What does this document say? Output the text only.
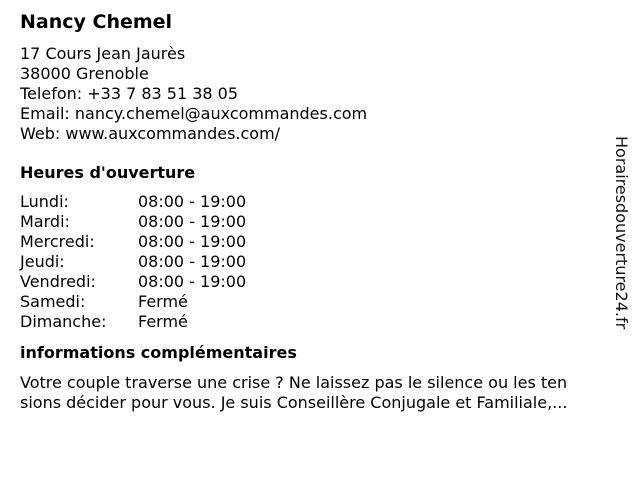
Nancy Chemel
17 Cours Jean Jaurès
38000 Grenoble
Telefon: +33 7 83 51 38 05
Email: nancy.chemel@auxcommandes.com
Web: www.auxcommandes.com/
Heures d'ouverture
Lundi:	08:00 - 19:00
Mardi:	08:00 - 19:00
Mercredi:	08:00 - 19:00
Jeudi:	08:00 - 19:00
Vendredi:	08:00 - 19:00
Samedi:	Fermé
Dimanche:	Fermé
informations complémentaires
Votre couple traverse une crise ? Ne laissez pas le silence ou les ten
sions décider pour vous. Je suis Conseillère Conjugale et Familiale,...
Horairesdouverture24.fr
